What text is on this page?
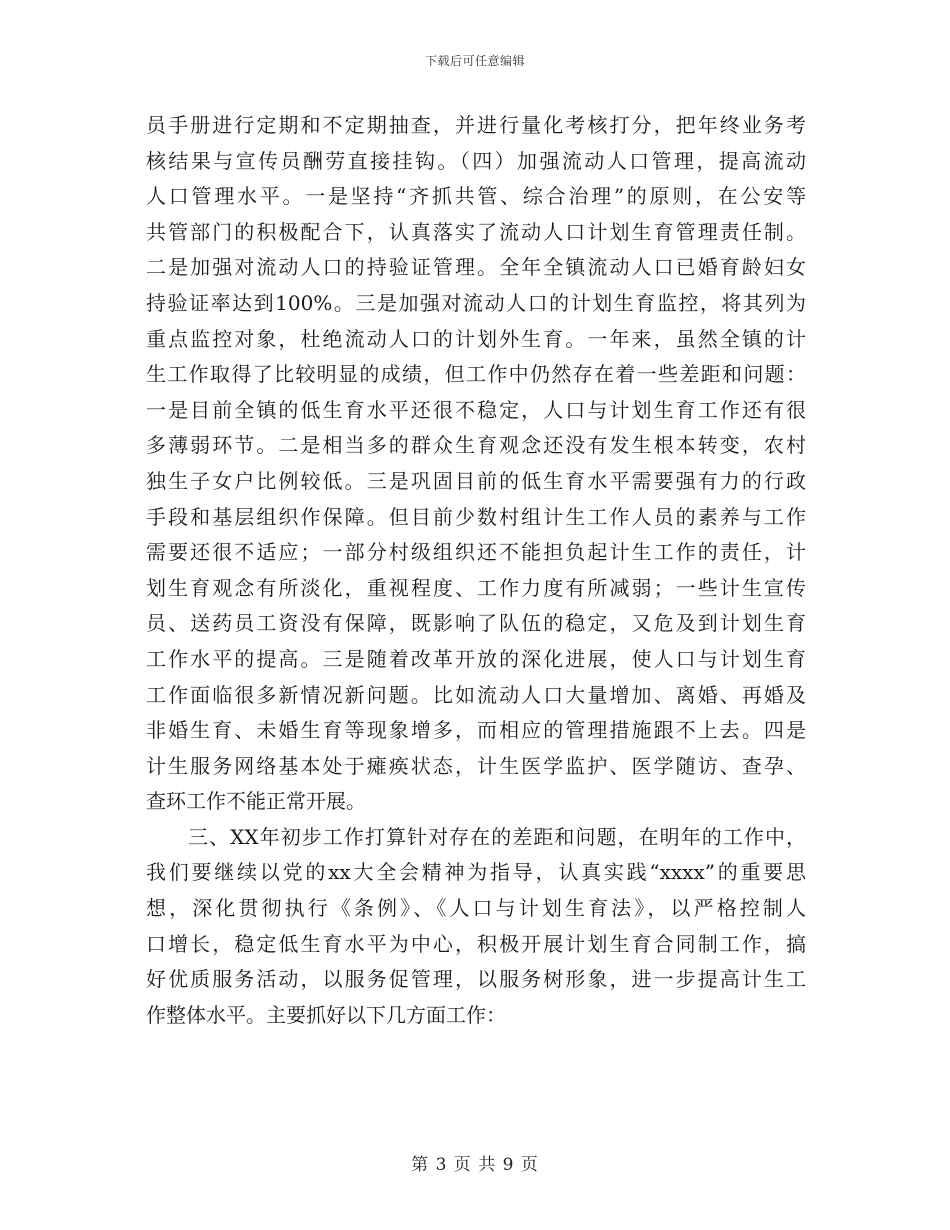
下载后可任意编辑
员手册进行定期和不定期抽查，并进行量化考核打分，把年终业务考
核结果与宣传员酬劳直接挂钩。（四）加强流动人口管理，提高流动
人口管理水平。一是坚持“齐抓共管、综合治理”的原则，在公安等
共管部门的积极配合下，认真落实了流动人口计划生育管理责任制。
二是加强对流动人口的持验证管理。全年全镇流动人口已婚育龄妇女
持验证率达到100%。三是加强对流动人口的计划生育监控，将其列为
重点监控对象，杜绝流动人口的计划外生育。一年来，虽然全镇的计
生工作取得了比较明显的成绩，但工作中仍然存在着一些差距和问题：
一是目前全镇的低生育水平还很不稳定，人口与计划生育工作还有很
多薄弱环节。二是相当多的群众生育观念还没有发生根本转变，农村
独生子女户比例较低。三是巩固目前的低生育水平需要强有力的行政
手段和基层组织作保障。但目前少数村组计生工作人员的素养与工作
需要还很不适应；一部分村级组织还不能担负起计生工作的责任，计
划生育观念有所淡化，重视程度、工作力度有所减弱；一些计生宣传
员、送药员工资没有保障，既影响了队伍的稳定，又危及到计划生育
工作水平的提高。三是随着改革开放的深化进展，使人口与计划生育
工作面临很多新情况新问题。比如流动人口大量增加、离婚、再婚及
非婚生育、未婚生育等现象增多，而相应的管理措施跟不上去。四是
计生服务网络基本处于瘫痪状态，计生医学监护、医学随访、查孕、
查环工作不能正常开展。
三、XX年初步工作打算针对存在的差距和问题，在明年的工作中，
我们要继续以党的xx大全会精神为指导，认真实践“xxxx”的重要思
想，深化贯彻执行《条例》、《人口与计划生育法》，以严格控制人
口增长，稳定低生育水平为中心，积极开展计划生育合同制工作，搞
好优质服务活动，以服务促管理，以服务树形象，进一步提高计生工
作整体水平。主要抓好以下几方面工作：
第 3 页 共 9 页
